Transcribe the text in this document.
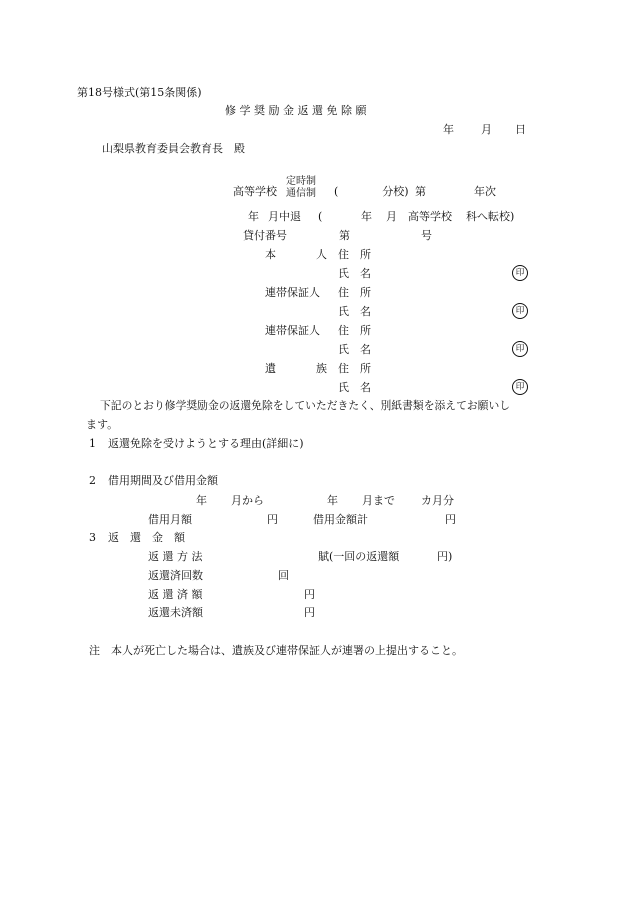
第18号様式(第15条関係)
修 学 奨 励 金 返 還 免 除 願
年 月 日
山梨県教育委員会教育長 殿
高等学校
定時制
通信制 (　　　　分校) 第	年次
年 月中退 (	年 月 高等学校 科へ転校)
貸付番号	第	号
本	人 住　所
氏　名	印
連帯保証人 住　所
氏　名	印
連帯保証人 住　所
氏　名	印
遺	族 住　所
氏　名	印
下記のとおり修学奨励金の返還免除をしていただきたく、別紙書類を添えてお願いし
ます。
1 返還免除を受けようとする理由(詳細に)
2 借用期間及び借用金額
年 月から	年 月まで カ月分
借用月額	円	借用金額計	円
3 返　還　金　額
返 還 方 法	賦(一回の返還額	円)
返還済回数	回
返 還 済 額	円
返還未済額	円
注　本人が死亡した場合は、遺族及び連帯保証人が連署の上提出すること。
